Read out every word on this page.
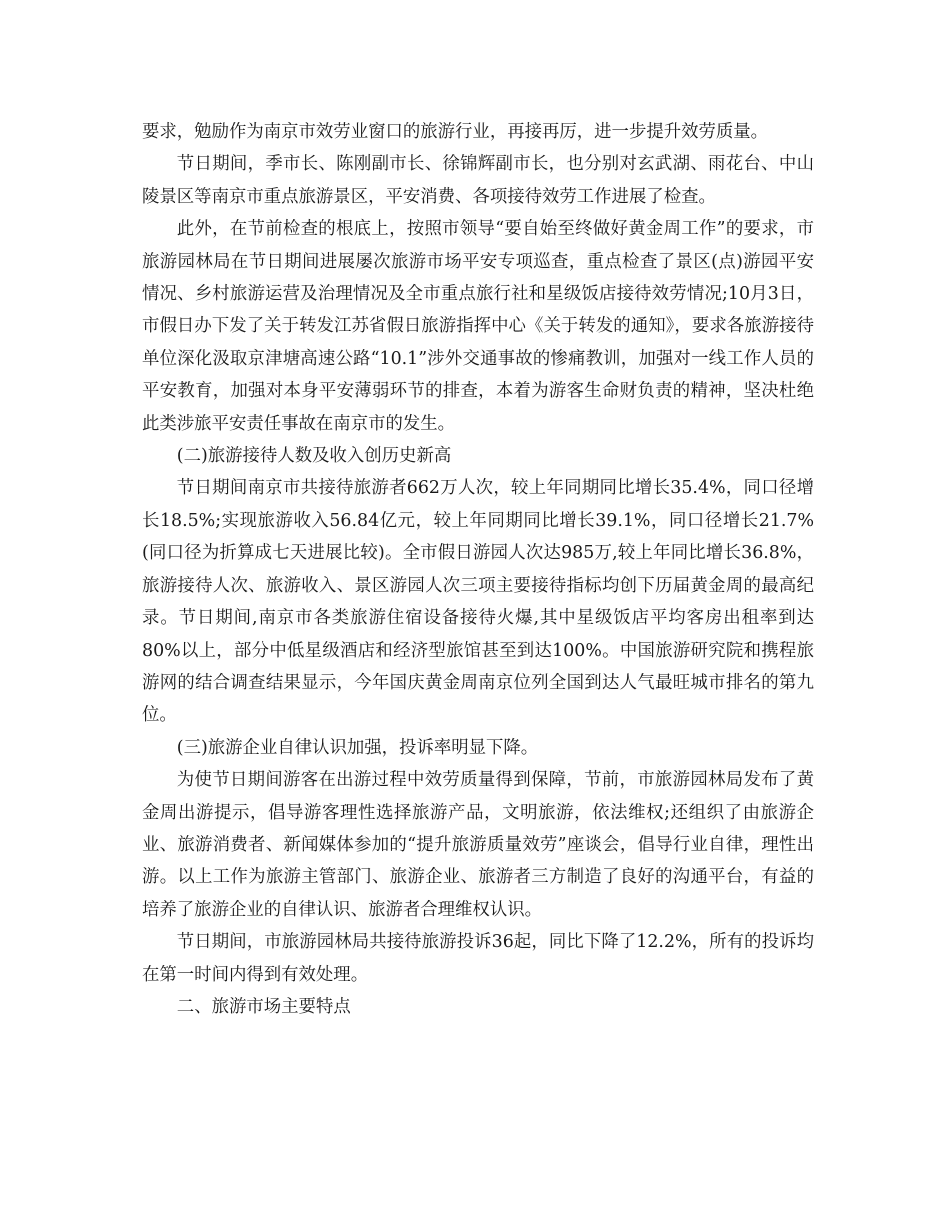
要求，勉励作为南京市效劳业窗口的旅游行业，再接再厉，进一步提升效劳质量。

节日期间，季市长、陈刚副市长、徐锦辉副市长，也分别对玄武湖、雨花台、中山陵景区等南京市重点旅游景区，平安消费、各项接待效劳工作进展了检查。

此外，在节前检查的根底上，按照市领导“要自始至终做好黄金周工作”的要求，市旅游园林局在节日期间进展屡次旅游市场平安专项巡查，重点检查了景区(点)游园平安情况、乡村旅游运营及治理情况及全市重点旅行社和星级饭店接待效劳情况;10月3日，市假日办下发了关于转发江苏省假日旅游指挥中心《关于转发的通知》，要求各旅游接待单位深化汲取京津塘高速公路“10.1”涉外交通事故的惨痛教训，加强对一线工作人员的平安教育，加强对本身平安薄弱环节的排查，本着为游客生命财负责的精神，坚决杜绝此类涉旅平安责任事故在南京市的发生。

(二)旅游接待人数及收入创历史新高

节日期间南京市共接待旅游者662万人次，较上年同期同比增长35.4%，同口径增长18.5%;实现旅游收入56.84亿元，较上年同期同比增长39.1%，同口径增长21.7%(同口径为折算成七天进展比较)。全市假日游园人次达985万,较上年同比增长36.8%，旅游接待人次、旅游收入、景区游园人次三项主要接待指标均创下历届黄金周的最高纪录。节日期间,南京市各类旅游住宿设备接待火爆,其中星级饭店平均客房出租率到达80%以上，部分中低星级酒店和经济型旅馆甚至到达100%。中国旅游研究院和携程旅游网的结合调查结果显示，今年国庆黄金周南京位列全国到达人气最旺城市排名的第九位。

(三)旅游企业自律认识加强，投诉率明显下降。

为使节日期间游客在出游过程中效劳质量得到保障，节前，市旅游园林局发布了黄金周出游提示，倡导游客理性选择旅游产品，文明旅游，依法维权;还组织了由旅游企业、旅游消费者、新闻媒体参加的“提升旅游质量效劳”座谈会，倡导行业自律，理性出游。以上工作为旅游主管部门、旅游企业、旅游者三方制造了良好的沟通平台，有益的培养了旅游企业的自律认识、旅游者合理维权认识。

节日期间，市旅游园林局共接待旅游投诉36起，同比下降了12.2%，所有的投诉均在第一时间内得到有效处理。

二、旅游市场主要特点
